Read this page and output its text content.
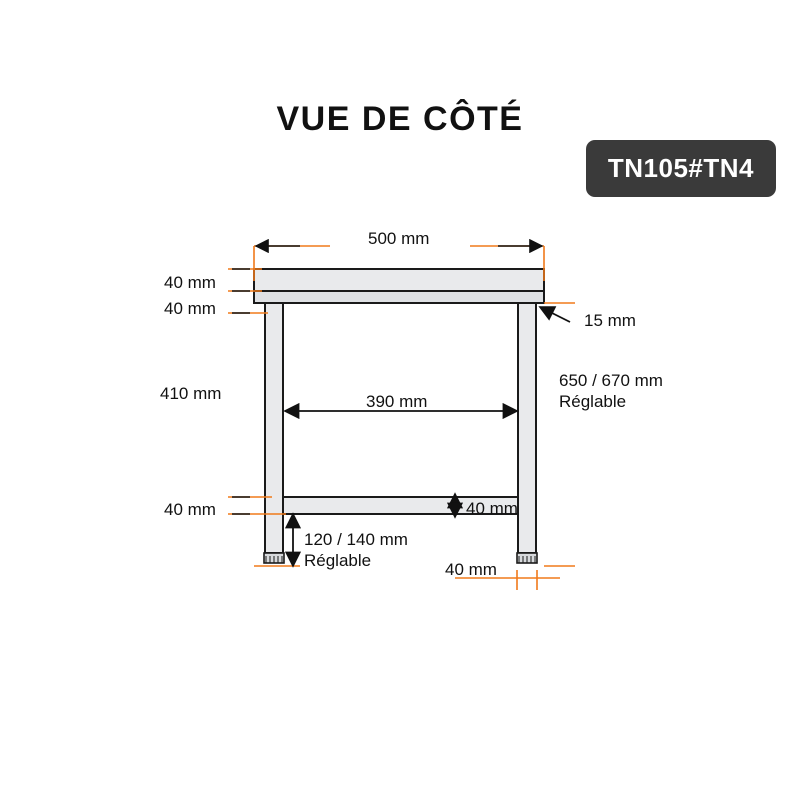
VUE DE CÔTÉ
TN105#TN4
500 mm
40 mm
40 mm
15 mm
410 mm	390 mm
650 / 670 mm Réglable
40 mm	40 mm
120 / 140 mm Réglable	40 mm
